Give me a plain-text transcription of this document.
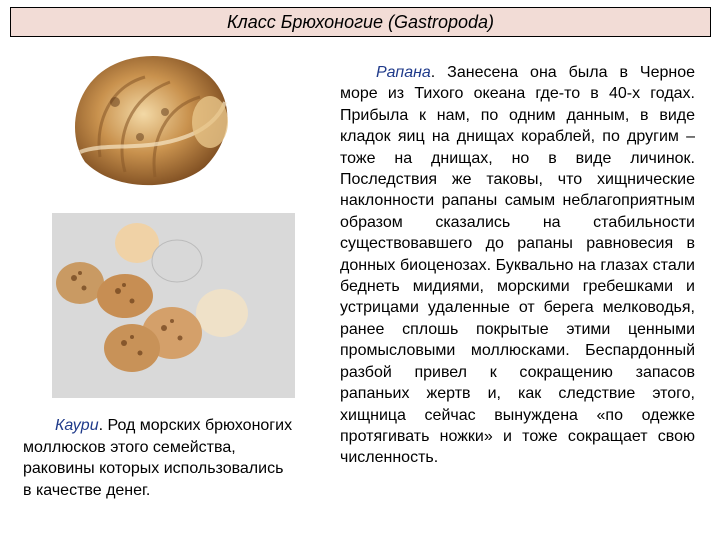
Класс Брюхоногие (Gastropoda)
Рапана. Занесена она была в Черное море из Тихого океана где-то в 40-х годах. Прибыла к нам, по одним данным, в виде кладок яиц на днищах кораблей, по другим – тоже на днищах, но в виде личинок. Последствия же таковы, что хищнические наклонности рапаны самым неблагоприятным образом сказались на стабильности существовавшего до рапаны равновесия в донных биоценозах. Буквально на глазах стали беднеть мидиями, морскими гребешками и устрицами удаленные от берега мелководья, ранее сплошь покрытые этими ценными промысловыми моллюсками. Беспардонный разбой привел к сокращению запасов рапаньих жертв и, как следствие этого, хищница сейчас вынуждена «по одежке протягивать ножки» и тоже сокращает свою численность.
Каури. Род морских брюхоногих моллюсков этого семейства, раковины которых использовались в качестве денег.
